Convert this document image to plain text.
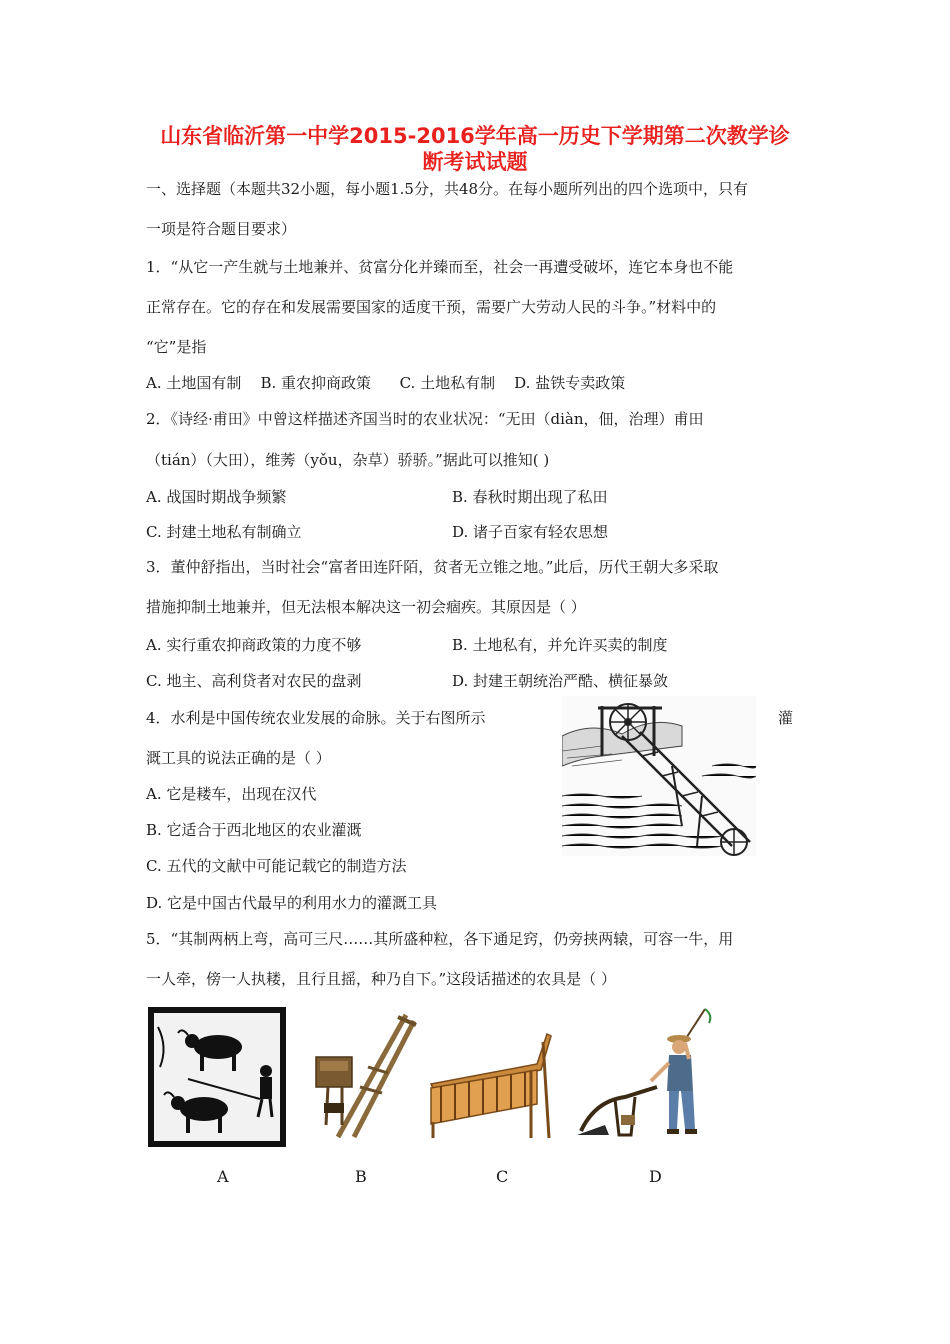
山东省临沂第一中学2015-2016学年高一历史下学期第二次教学诊
断考试试题
一、选择题（本题共32小题，每小题1.5分，共48分。在每小题所列出的四个选项中，只有
一项是符合题目要求）
1．“从它一产生就与土地兼并、贫富分化并臻而至，社会一再遭受破坏，连它本身也不能
正常存在。它的存在和发展需要国家的适度干预，需要广大劳动人民的斗争。”材料中的
“它”是指
A. 土地国有制    B. 重农抑商政策      C. 土地私有制    D. 盐铁专卖政策
2．《诗经·甫田》中曾这样描述齐国当时的农业状况：“无田（diàn，佃，治理）甫田
（tián）（大田），维莠（yǒu，杂草）骄骄。”据此可以推知( )
A. 战国时期战争频繁	B. 春秋时期出现了私田
C. 封建土地私有制确立	D. 诸子百家有轻农思想
3．董仲舒指出，当时社会“富者田连阡陌，贫者无立锥之地。”此后，历代王朝大多采取
措施抑制土地兼并，但无法根本解决这一初会痼疾。其原因是（ ）
A. 实行重农抑商政策的力度不够	B. 土地私有，并允许买卖的制度
C. 地主、高利贷者对农民的盘剥	D. 封建王朝统治严酷、横征暴敛
4．水利是中国传统农业发展的命脉。关于右图所示	灌
溉工具的说法正确的是（ ）
A. 它是耧车，出现在汉代
B. 它适合于西北地区的农业灌溉
C. 五代的文献中可能记载它的制造方法
D. 它是中国古代最早的利用水力的灌溉工具
5．“其制两柄上弯，高可三尺……其所盛种粒，各下通足窍，仍旁挟两辕，可容一牛，用
一人牵，傍一人执耧，且行且摇，种乃自下。”这段话描述的农具是（ ）
A	B	C	D
